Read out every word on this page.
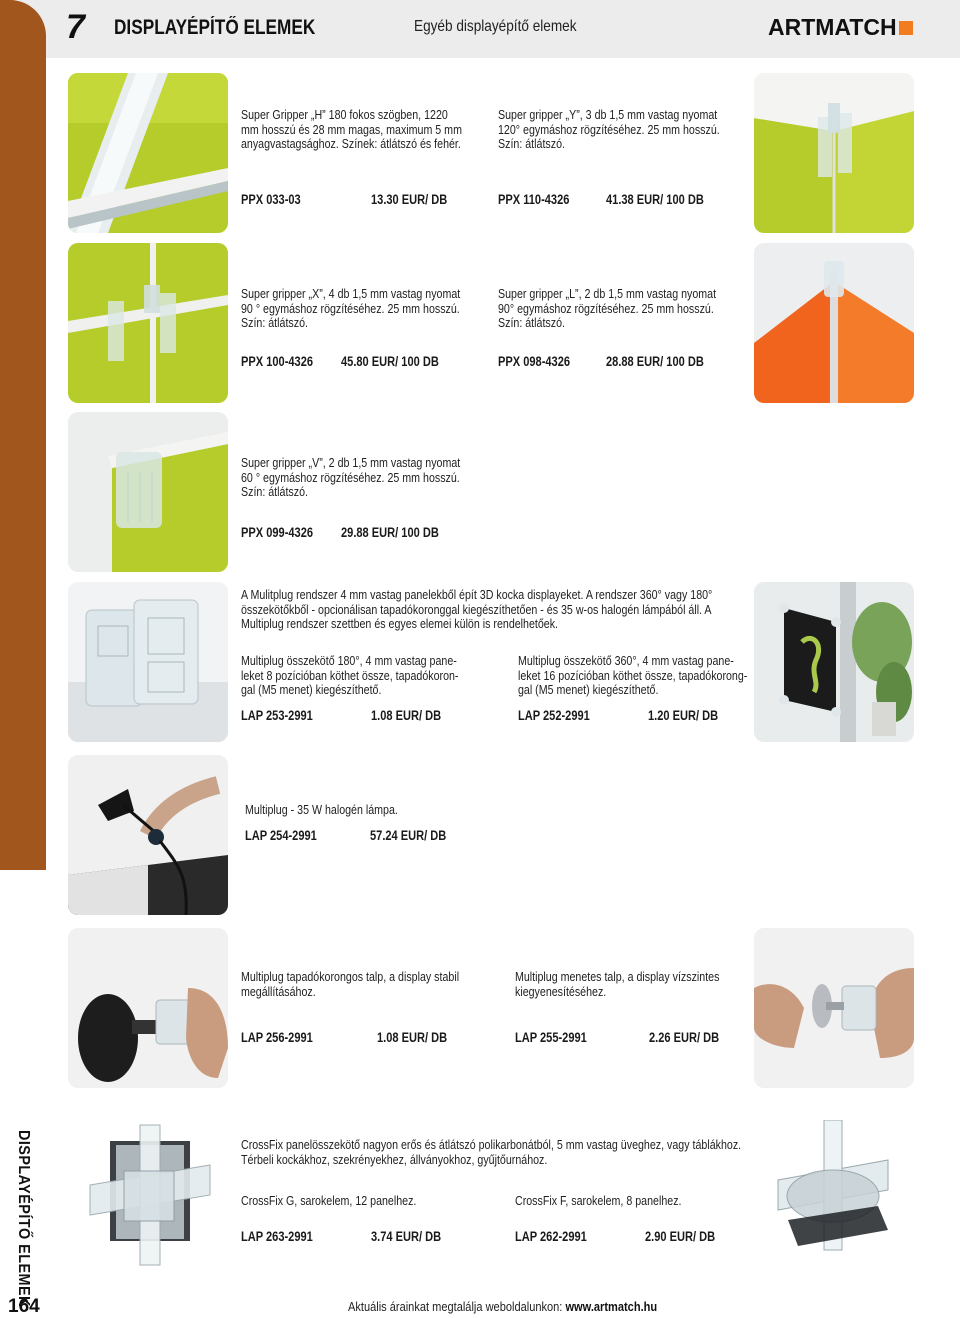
7 DISPLAYÉPÍTŐ ELEMEK	Egyéb displayépítő elemek	ARTMATCH
Super Gripper „H” 180 fokos szögben, 1220
mm hosszú és 28 mm magas, maximum 5 mm
anyagvastagsághoz. Színek: átlátszó és fehér.
PPX 033-03	13.30 EUR/ DB
Super gripper „Y”, 3 db 1,5 mm vastag nyomat
120° egymáshoz rögzítéséhez. 25 mm hosszú.
Szín: átlátszó.
PPX 110-4326	41.38 EUR/ 100 DB
Super gripper „X”, 4 db 1,5 mm vastag nyomat
90 ° egymáshoz rögzítéséhez. 25 mm hosszú.
Szín: átlátszó.
PPX 100-4326 45.80 EUR/ 100 DB
Super gripper „L”, 2 db 1,5 mm vastag nyomat
90° egymáshoz rögzítéséhez. 25 mm hosszú.
Szín: átlátszó.
PPX 098-4326	28.88 EUR/ 100 DB
Super gripper „V”, 2 db 1,5 mm vastag nyomat
60 ° egymáshoz rögzítéséhez. 25 mm hosszú.
Szín: átlátszó.
PPX 099-4326 29.88 EUR/ 100 DB
A Mulitplug rendszer 4 mm vastag panelekből épít 3D kocka displayeket. A rendszer 360° vagy 180°
összekötőkből - opcionálisan tapadókoronggal kiegészíthetően - és 35 w-os halogén lámpából áll. A
Multiplug rendszer szettben és egyes elemei külön is rendelhetőek.
Multiplug összekötő 180°, 4 mm vastag pane-
leket 8 pozícióban köthet össze, tapadókoron-
gal (M5 menet) kiegészíthető.
LAP 253-2991	1.08 EUR/ DB
Multiplug összekötő 360°, 4 mm vastag pane-
leket 16 pozícióban köthet össze, tapadókorong-
gal (M5 menet) kiegészíthető.
LAP 252-2991	1.20 EUR/ DB
Multiplug - 35 W halogén lámpa.
LAP 254-2991	57.24 EUR/ DB
Multiplug tapadókorongos talp, a display stabil
megállításához.
LAP 256-2991	1.08 EUR/ DB
Multiplug menetes talp, a display vízszintes
kiegyenesítéséhez.
LAP 255-2991	2.26 EUR/ DB
CrossFix panelösszekötő nagyon erős és átlátszó polikarbonátból, 5 mm vastag üveghez, vagy táblákhoz.
Térbeli kockákhoz, szekrényekhez, állványokhoz, gyűjtőurnához.
CrossFix G, sarokelem, 12 panelhez.
LAP 263-2991	3.74 EUR/ DB
CrossFix F, sarokelem, 8 panelhez.
LAP 262-2991	2.90 EUR/ DB
DISPLAYÉPÍTŐ ELEMEK
164	Aktuális árainkat megtalálja weboldalunkon: www.artmatch.hu
